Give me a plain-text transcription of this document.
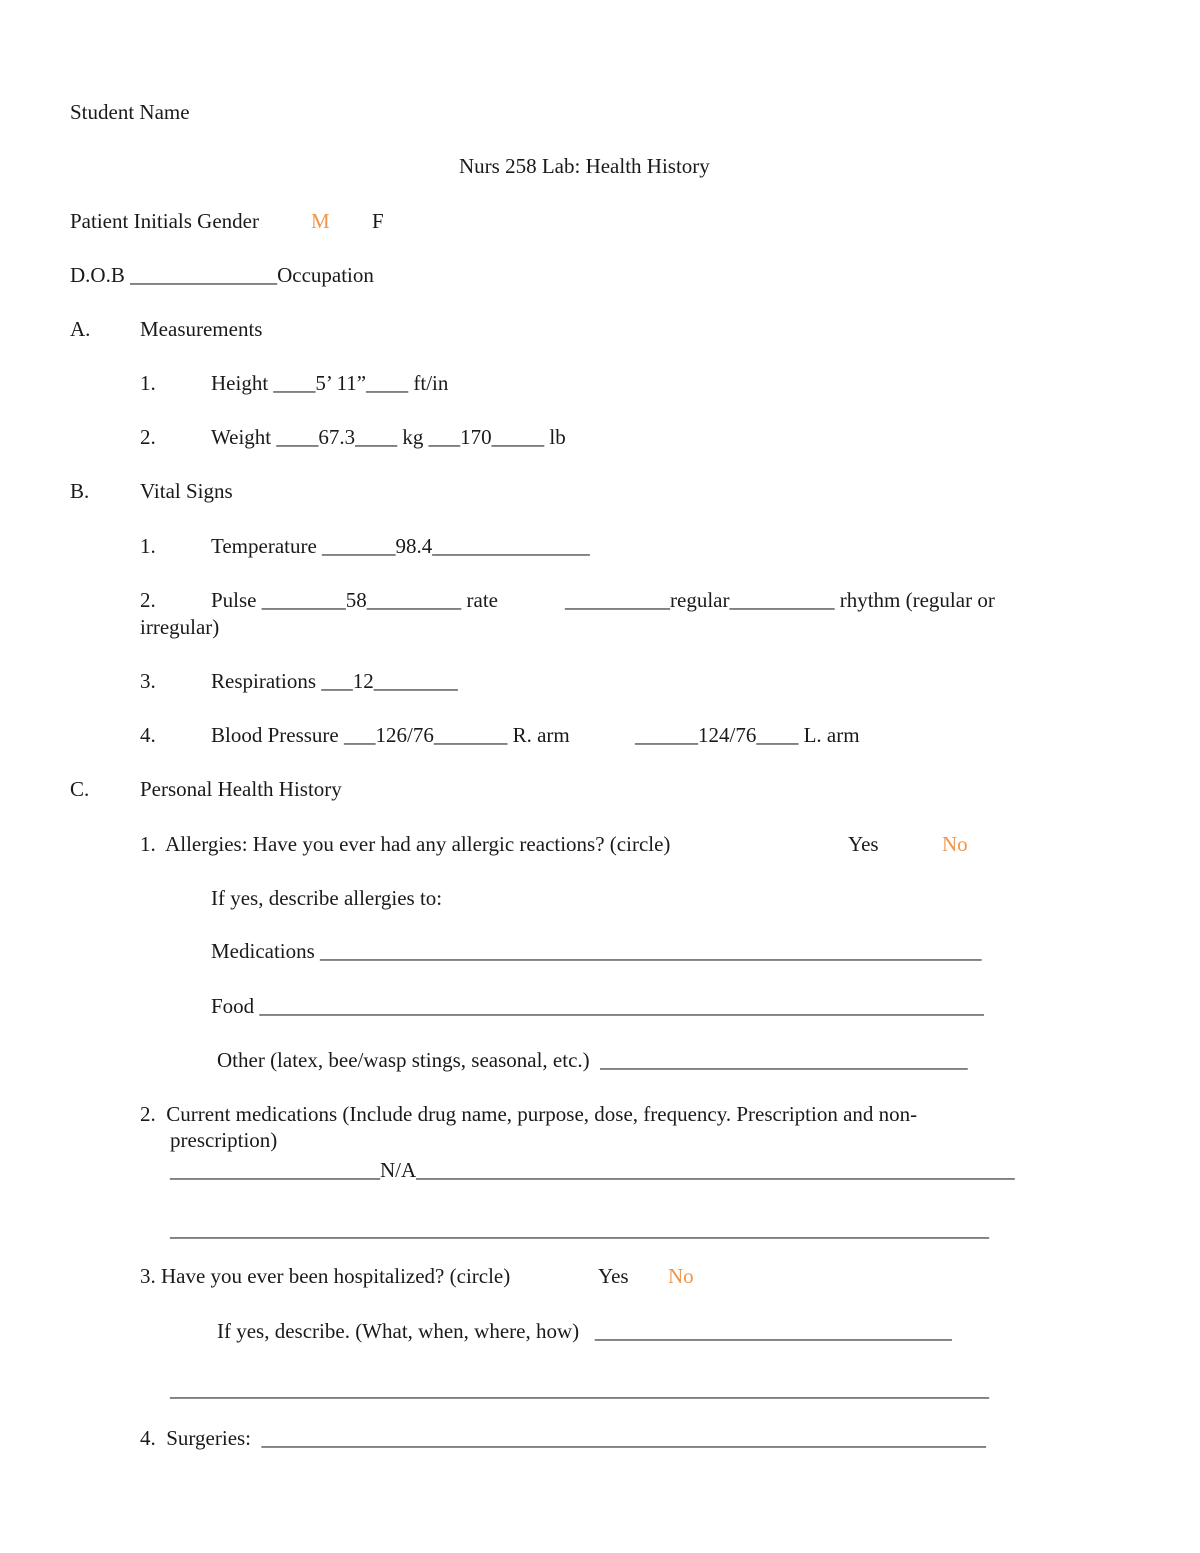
Student Name
Nurs 258 Lab: Health History
Patient Initials Gender M F
D.O.B ______________Occupation
A. Measurements
1.	Height ____5’ 11”____ ft/in
2.	Weight ____67.3____ kg ___170_____ lb
B. Vital Signs
1.	Temperature _______98.4_______________
2.	Pulse ________58_________ rate	__________regular__________ rhythm (regular or
irregular)
3.	Respirations ___12________
4.	Blood Pressure ___126/76_______ R. arm	______124/76____ L. arm
C. Personal Health History
1.  Allergies: Have you ever had any allergic reactions? (circle)	Yes	No
If yes, describe allergies to:
Medications _______________________________________________________________
Food _____________________________________________________________________
Other (latex, bee/wasp stings, seasonal, etc.)  ___________________________________
2.  Current medications (Include drug name, purpose, dose, frequency. Prescription and non-
prescription)
____________________N/A_________________________________________________________
______________________________________________________________________________
3. Have you ever been hospitalized? (circle)	Yes No
If yes, describe. (What, when, where, how)   __________________________________
______________________________________________________________________________
4.  Surgeries:  _____________________________________________________________________
